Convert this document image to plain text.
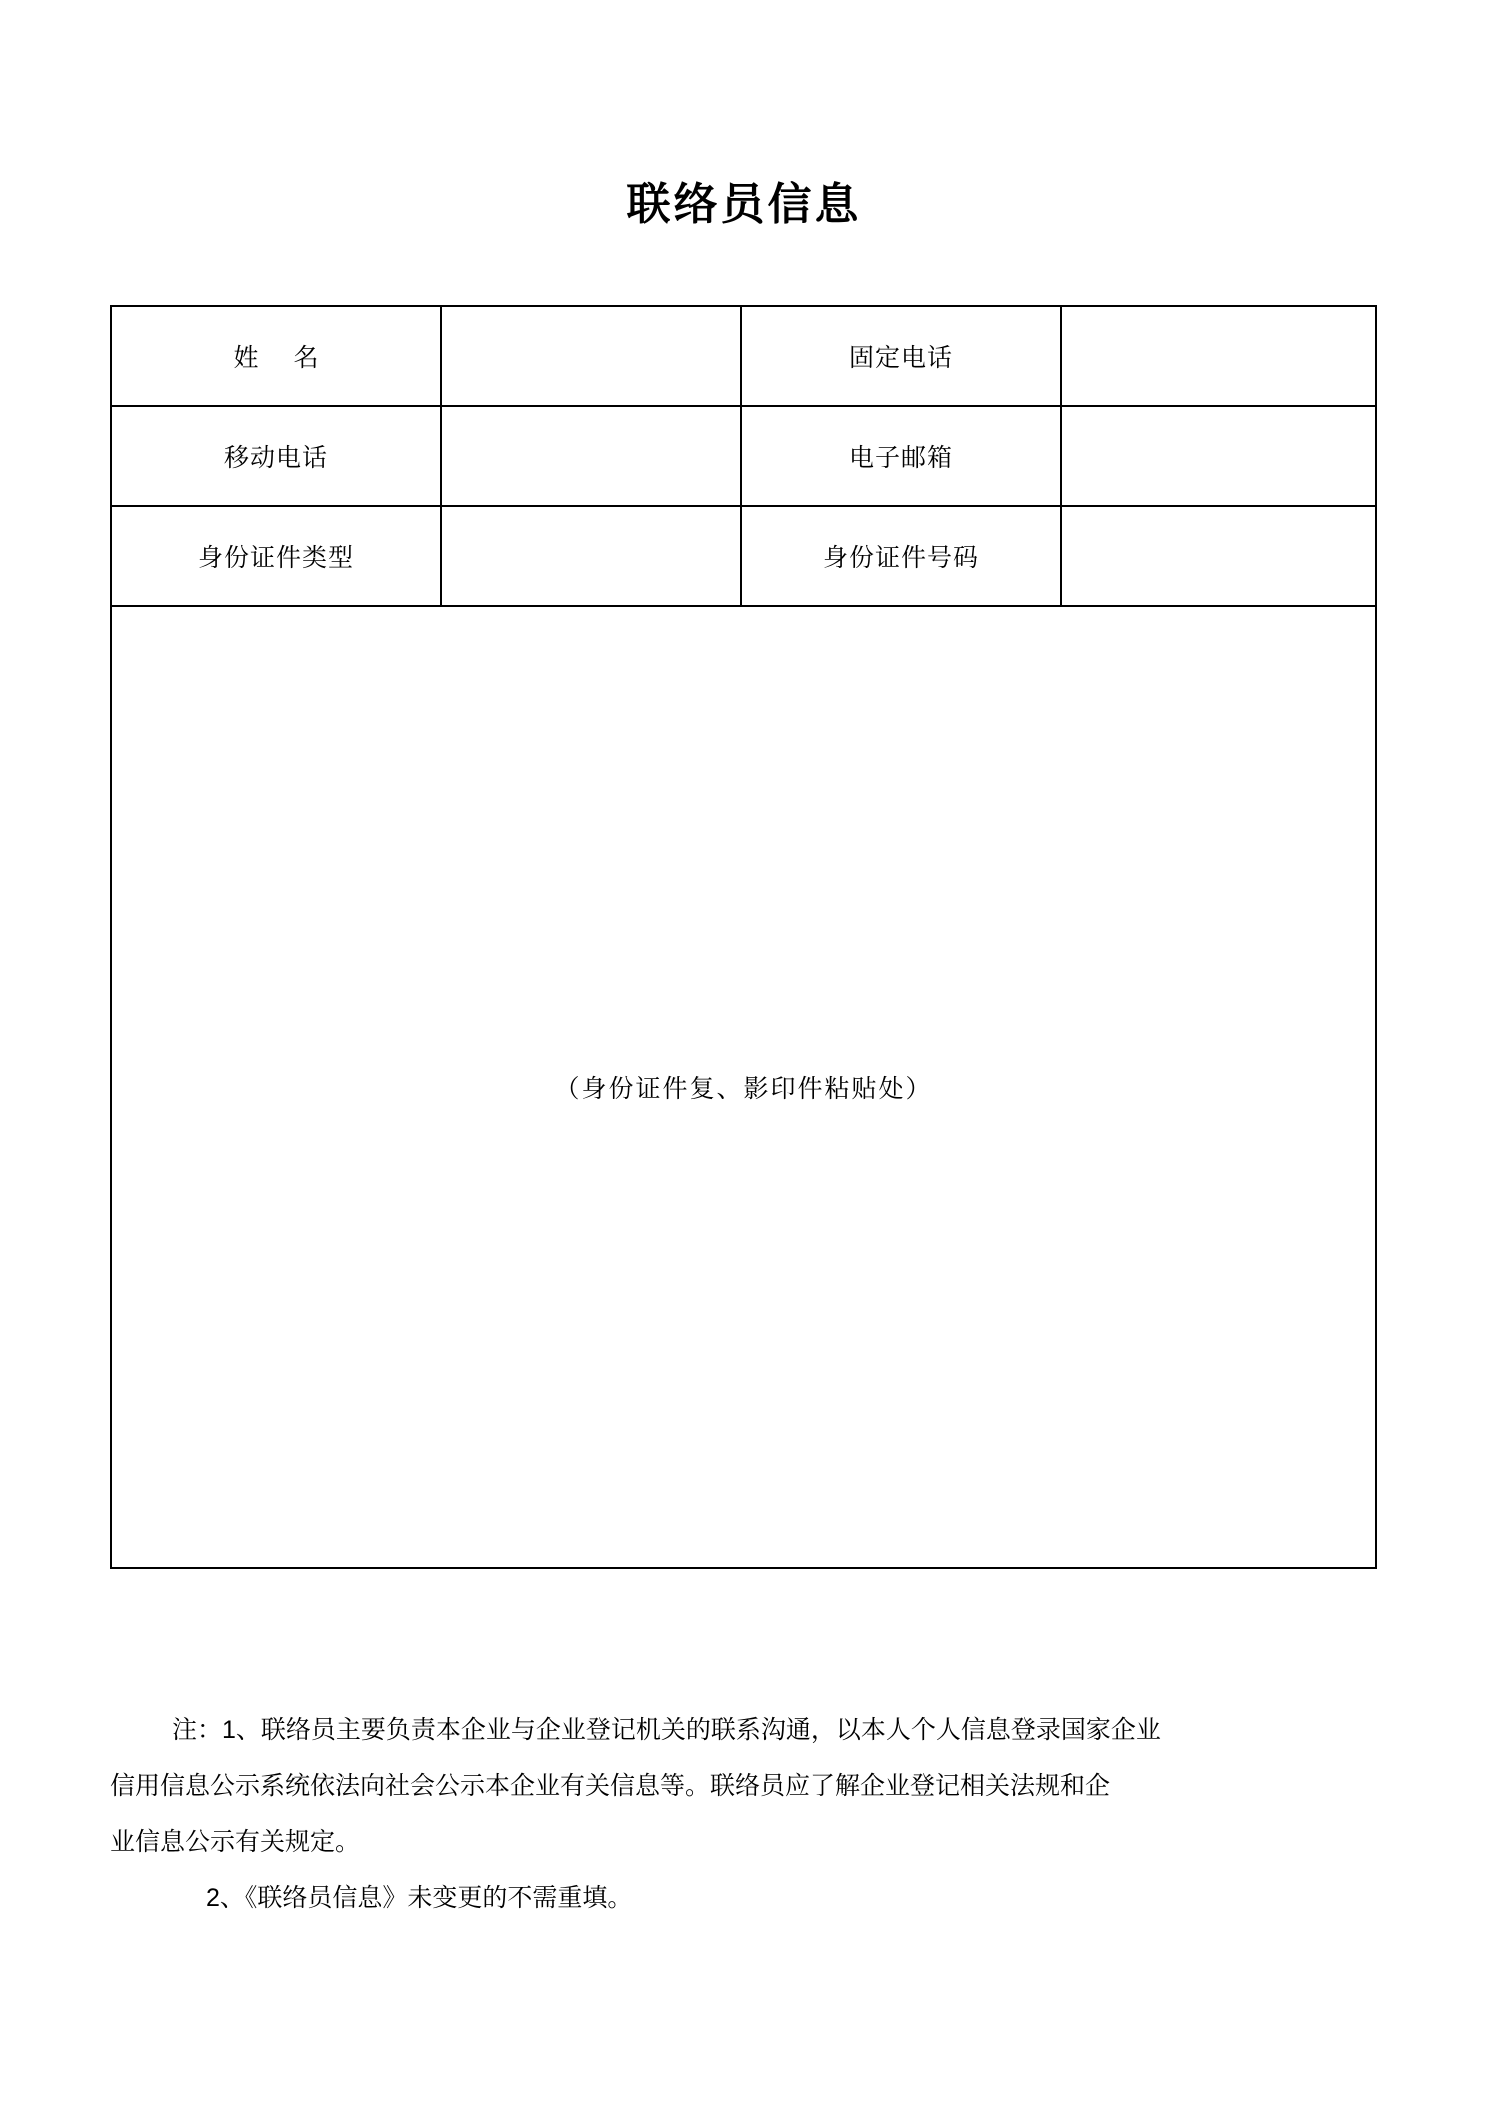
联络员信息
姓 名		固定电话	
移动电话		电子邮箱	
身份证件类型		身份证件号码	

（身份证件复、影印件粘贴处）			

注：1、联络员主要负责本企业与企业登记机关的联系沟通，以本人个人信息登录国家企业

信用信息公示系统依法向社会公示本企业有关信息等。联络员应了解企业登记相关法规和企

业信息公示有关规定。

2、《联络员信息》未变更的不需重填。
